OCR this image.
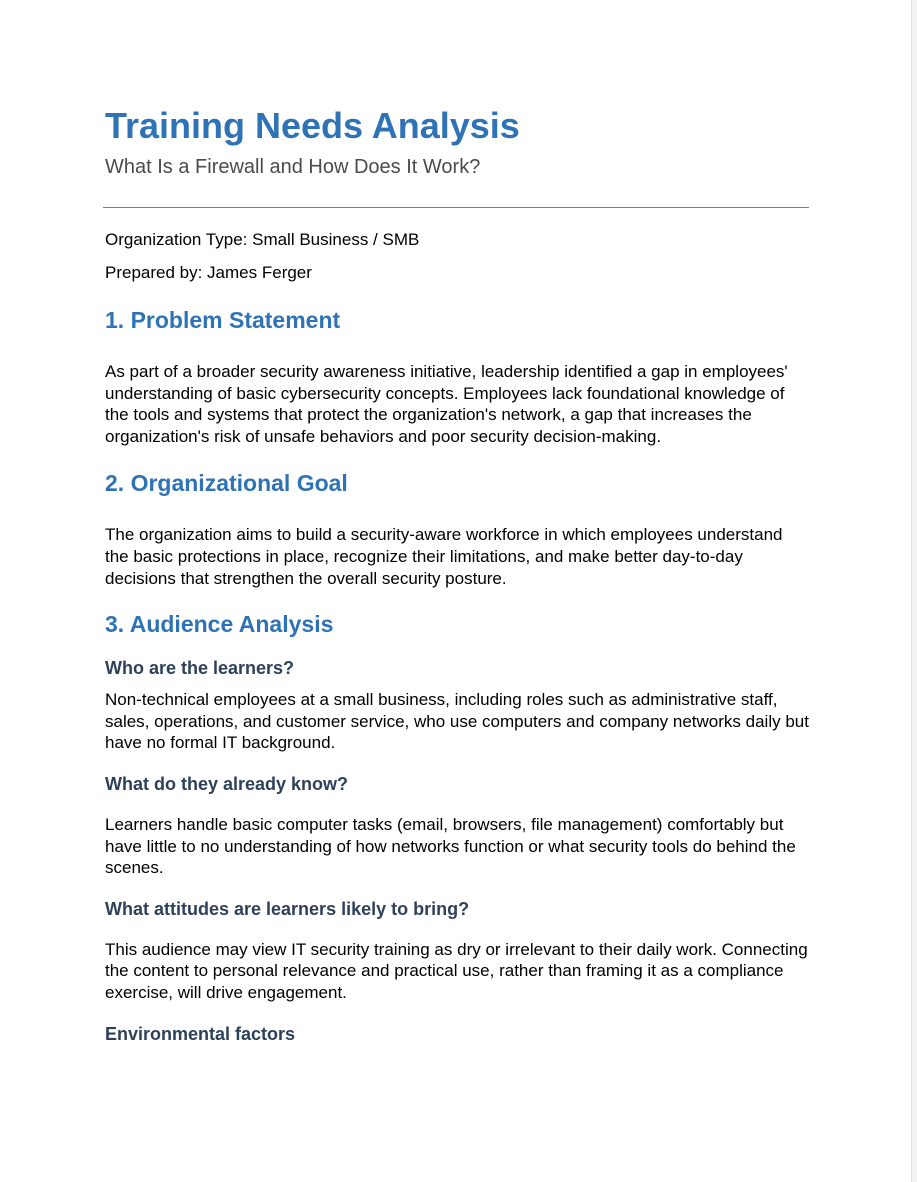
Training Needs Analysis

What Is a Firewall and How Does It Work?

Organization Type: Small Business / SMB

Prepared by: James Ferger

1. Problem Statement

As part of a broader security awareness initiative, leadership identified a gap in employees' understanding of basic cybersecurity concepts. Employees lack foundational knowledge of the tools and systems that protect the organization's network, a gap that increases the organization's risk of unsafe behaviors and poor security decision-making.

2. Organizational Goal

The organization aims to build a security-aware workforce in which employees understand the basic protections in place, recognize their limitations, and make better day-to-day decisions that strengthen the overall security posture.

3. Audience Analysis
Who are the learners?

Non-technical employees at a small business, including roles such as administrative staff, sales, operations, and customer service, who use computers and company networks daily but have no formal IT background.

What do they already know?

Learners handle basic computer tasks (email, browsers, file management) comfortably but have little to no understanding of how networks function or what security tools do behind the scenes.

What attitudes are learners likely to bring?

This audience may view IT security training as dry or irrelevant to their daily work. Connecting the content to personal relevance and practical use, rather than framing it as a compliance exercise, will drive engagement.

Environmental factors
